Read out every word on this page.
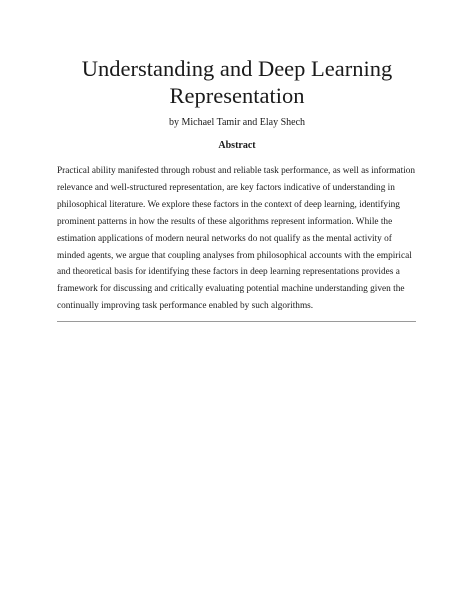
Understanding and Deep Learning
Representation
by Michael Tamir and Elay Shech
Abstract
Practical ability manifested through robust and reliable task performance, as well as information
relevance and well-structured representation, are key factors indicative of understanding in
philosophical literature. We explore these factors in the context of deep learning, identifying
prominent patterns in how the results of these algorithms represent information. While the
estimation applications of modern neural networks do not qualify as the mental activity of
minded agents, we argue that coupling analyses from philosophical accounts with the empirical
and theoretical basis for identifying these factors in deep learning representations provides a
framework for discussing and critically evaluating potential machine understanding given the
continually improving task performance enabled by such algorithms.
